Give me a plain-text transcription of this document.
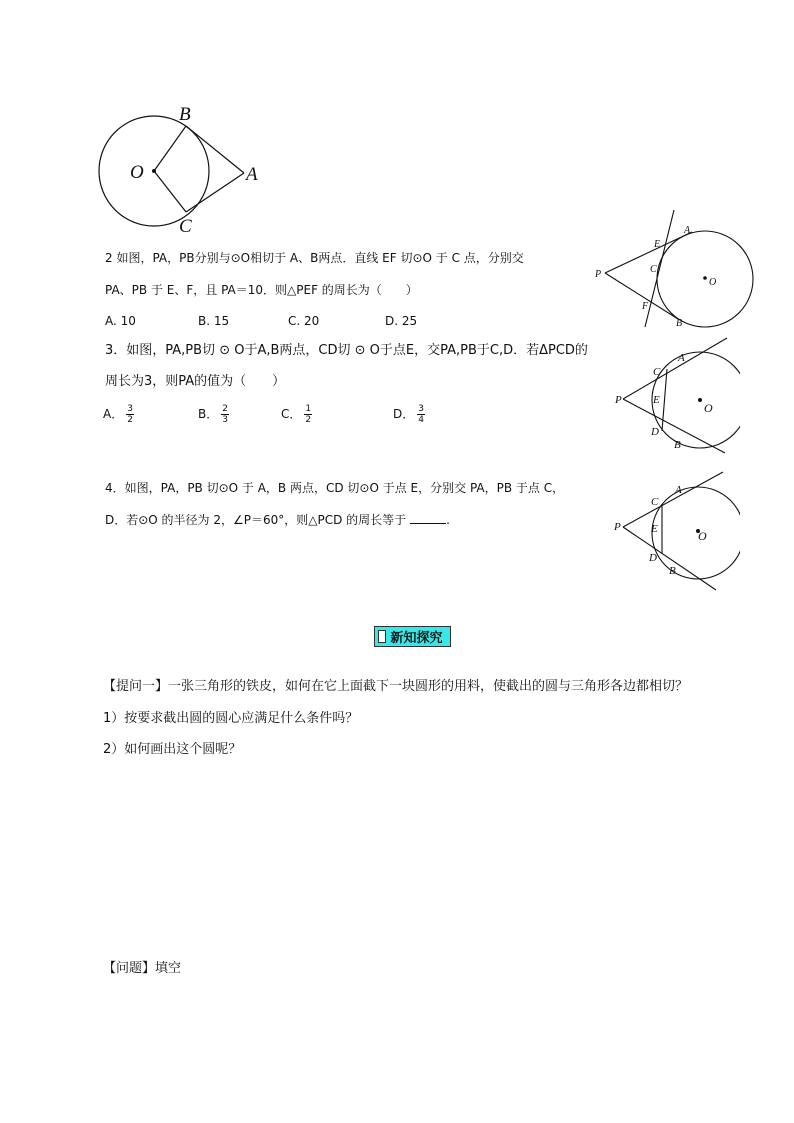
B
O	A
C
2 如图，PA，PB分别与⊙O相切于 A、B两点．直线 EF 切⊙O 于 C 点，分别交
PA、PB 于 E、F，且 PA＝10．则△PEF 的周长为（　　）
A. 10	B. 15	C. 20	D. 25
P
E
A
C
O
F
B
3．如图，PA,PB切 ⊙ O于A,B两点，CD切 ⊙ O于点E，交PA,PB于C,D．若ΔPCD的
周长为3，则PA的值为（　　）
A． $\frac{3}{2}$	B． $\frac{2}{3}$	C． $\frac{1}{2}$	D． $\frac{3}{4}$
P
C
A
E
O
D
B
4．如图，PA，PB 切⊙O 于 A，B 两点，CD 切⊙O 于点 E，分别交 PA，PB 于点 C，
D．若⊙O 的半径为 2，∠P＝60°，则△PCD 的周长等于	.	P
C
A
E	O
D
B
新知探究
【提问一】一张三角形的铁皮，如何在它上面截下一块圆形的用料，使截出的圆与三角形各边都相切？
1）按要求截出圆的圆心应满足什么条件吗？
2）如何画出这个圆呢？
【问题】填空
